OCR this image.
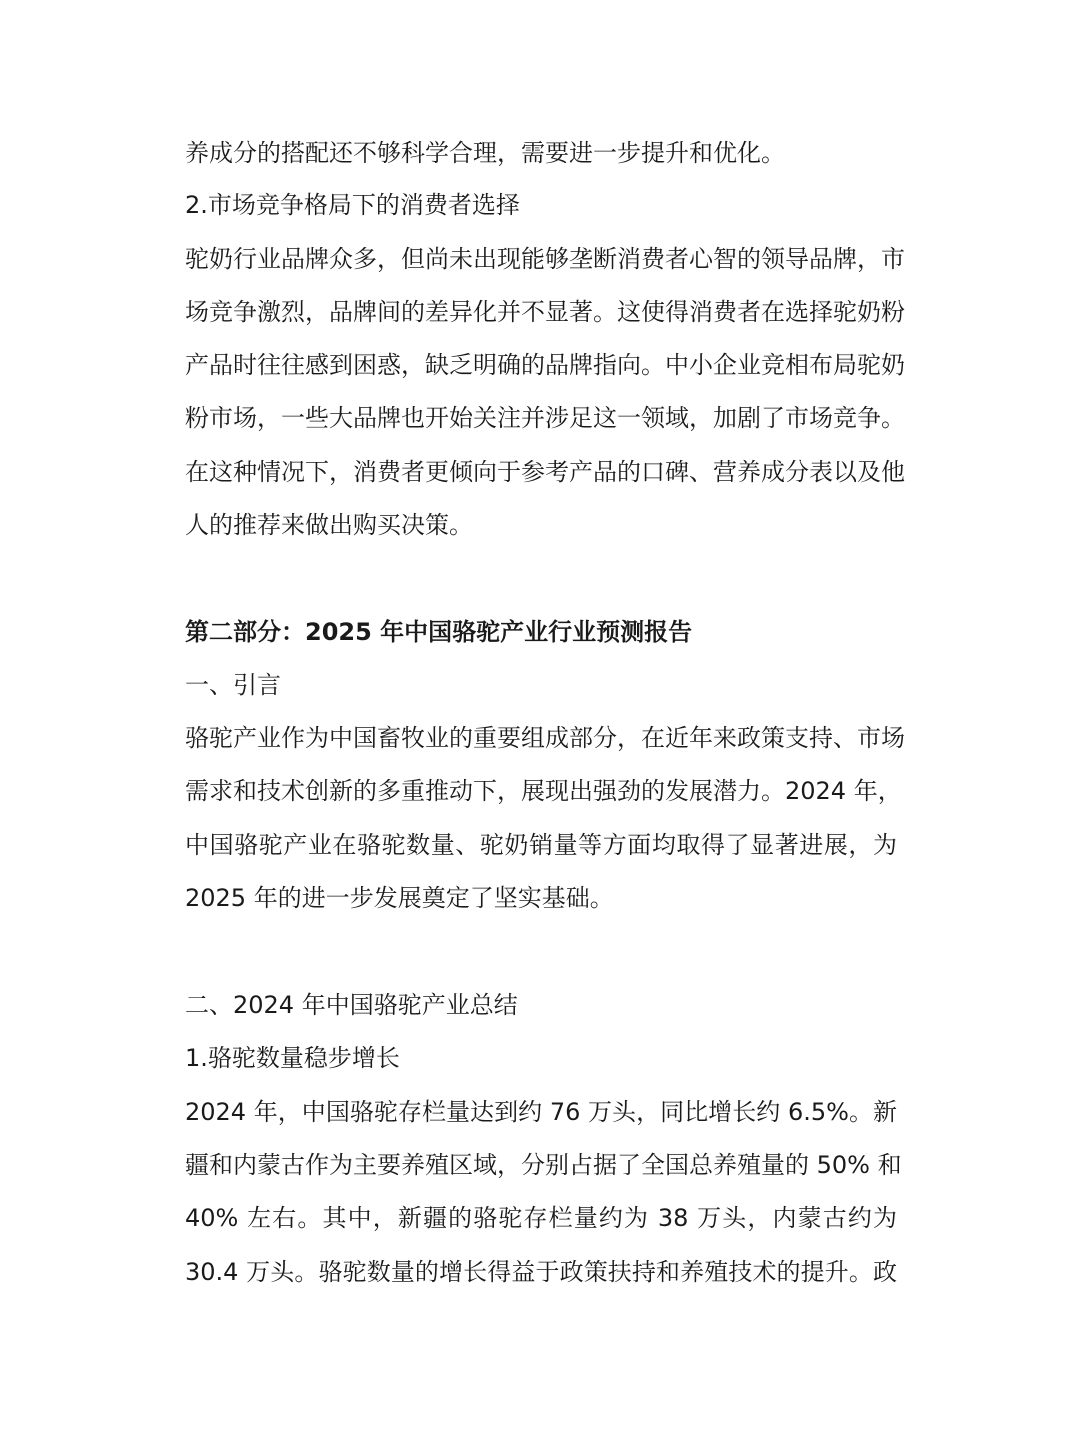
养成分的搭配还不够科学合理，需要进一步提升和优化。

2.市场竞争格局下的消费者选择

驼奶行业品牌众多，但尚未出现能够垄断消费者心智的领导品牌，市

场竞争激烈，品牌间的差异化并不显著。这使得消费者在选择驼奶粉

产品时往往感到困惑，缺乏明确的品牌指向。中小企业竞相布局驼奶

粉市场，一些大品牌也开始关注并涉足这一领域，加剧了市场竞争。

在这种情况下，消费者更倾向于参考产品的口碑、营养成分表以及他

人的推荐来做出购买决策。

第二部分：2025 年中国骆驼产业行业预测报告

一、引言

骆驼产业作为中国畜牧业的重要组成部分，在近年来政策支持、市场

需求和技术创新的多重推动下，展现出强劲的发展潜力。2024 年，

中国骆驼产业在骆驼数量、驼奶销量等方面均取得了显著进展，为

2025 年的进一步发展奠定了坚实基础。

二、2024 年中国骆驼产业总结

1.骆驼数量稳步增长

2024 年，中国骆驼存栏量达到约 76 万头，同比增长约 6.5%。新

疆和内蒙古作为主要养殖区域，分别占据了全国总养殖量的 50% 和

40% 左右。其中，新疆的骆驼存栏量约为 38 万头，内蒙古约为

30.4 万头。骆驼数量的增长得益于政策扶持和养殖技术的提升。政
